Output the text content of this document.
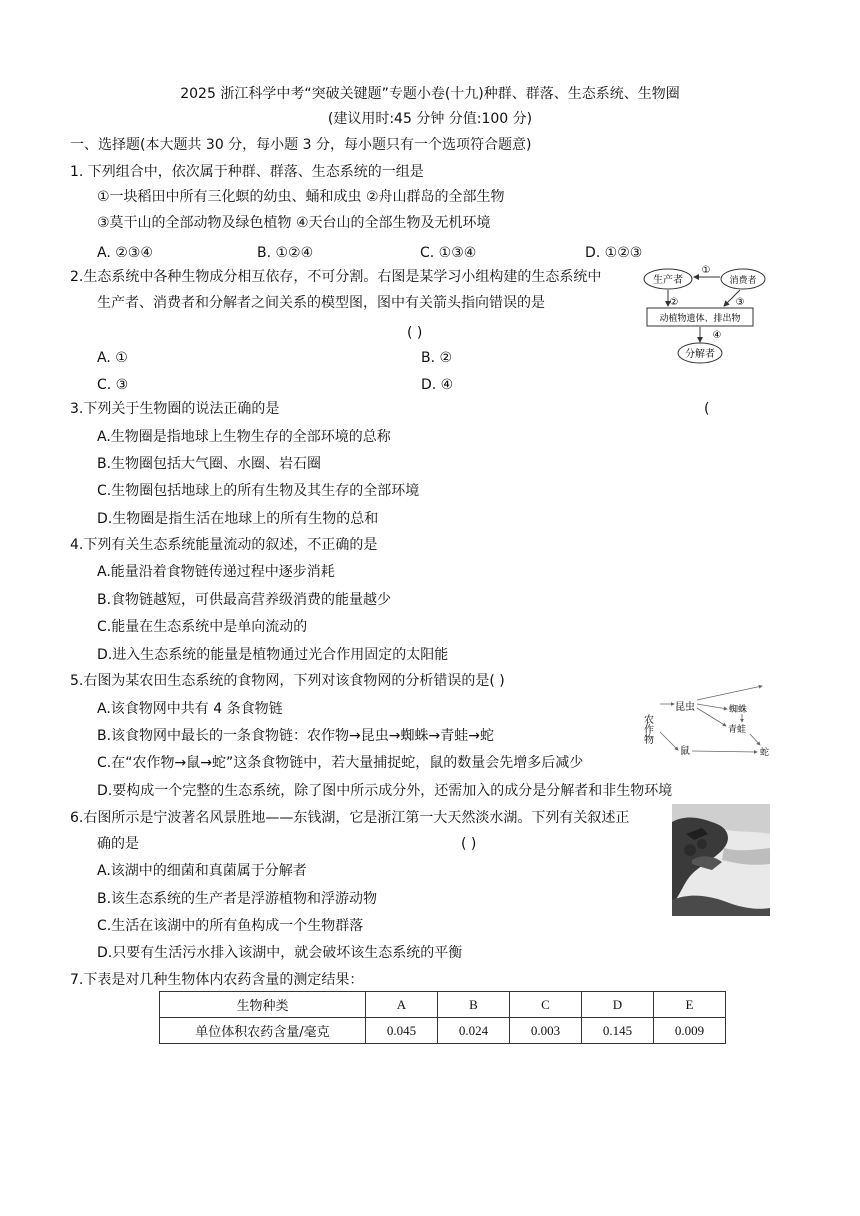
2025 浙江科学中考“突破关键题”专题小卷(十九)种群、群落、生态系统、生物圈
(建议用时:45 分钟 分值:100 分)
一、选择题(本大题共 30 分，每小题 3 分，每小题只有一个选项符合题意)
1. 下列组合中，依次属于种群、群落、生态系统的一组是
①一块稻田中所有三化螟的幼虫、蛹和成虫 ②舟山群岛的全部生物
③莫干山的全部动物及绿色植物 ④天台山的全部生物及无机环境
A. ②③④	B. ①②④	C. ①③④	D. ①②③
2.生态系统中各种生物成分相互依存，不可分割。右图是某学习小组构建的生态系统中
生产者、消费者和分解者之间关系的模型图，图中有关箭头指向错误的是
( )
A. ①	B. ②
C. ③	D. ④
生产者	消费者
①
动植物遗体、排出物
②	③
④
分解者
3.下列关于生物圈的说法正确的是	(
A.生物圈是指地球上生物生存的全部环境的总称
B.生物圈包括大气圈、水圈、岩石圈
C.生物圈包括地球上的所有生物及其生存的全部环境
D.生物圈是指生活在地球上的所有生物的总和
4.下列有关生态系统能量流动的叙述，不正确的是
A.能量沿着食物链传递过程中逐步消耗
B.食物链越短，可供最高营养级消费的能量越少
C.能量在生态系统中是单向流动的
D.进入生态系统的能量是植物通过光合作用固定的太阳能
5.右图为某农田生态系统的食物网，下列对该食物网的分析错误的是( )
A.该食物网中共有 4 条食物链
B.该食物网中最长的一条食物链：农作物→昆虫→蜘蛛→青蛙→蛇
C.在“农作物→鼠→蛇”这条食物链中，若大量捕捉蛇，鼠的数量会先增多后减少
D.要构成一个完整的生态系统，除了图中所示成分外，还需加入的成分是分解者和非生物环境
农作物
昆虫	蜘蛛
青蛙
鼠	蛇
6.右图所示是宁波著名风景胜地——东钱湖，它是浙江第一大天然淡水湖。下列有关叙述正
确的是	( )
A.该湖中的细菌和真菌属于分解者
B.该生态系统的生产者是浮游植物和浮游动物
C.生活在该湖中的所有鱼构成一个生物群落
D.只要有生活污水排入该湖中，就会破坏该生态系统的平衡
7.下表是对几种生物体内农药含量的测定结果：
生物种类	A	B	C	D	E
单位体积农药含量/毫克	0.045	0.024	0.003	0.145	0.009
